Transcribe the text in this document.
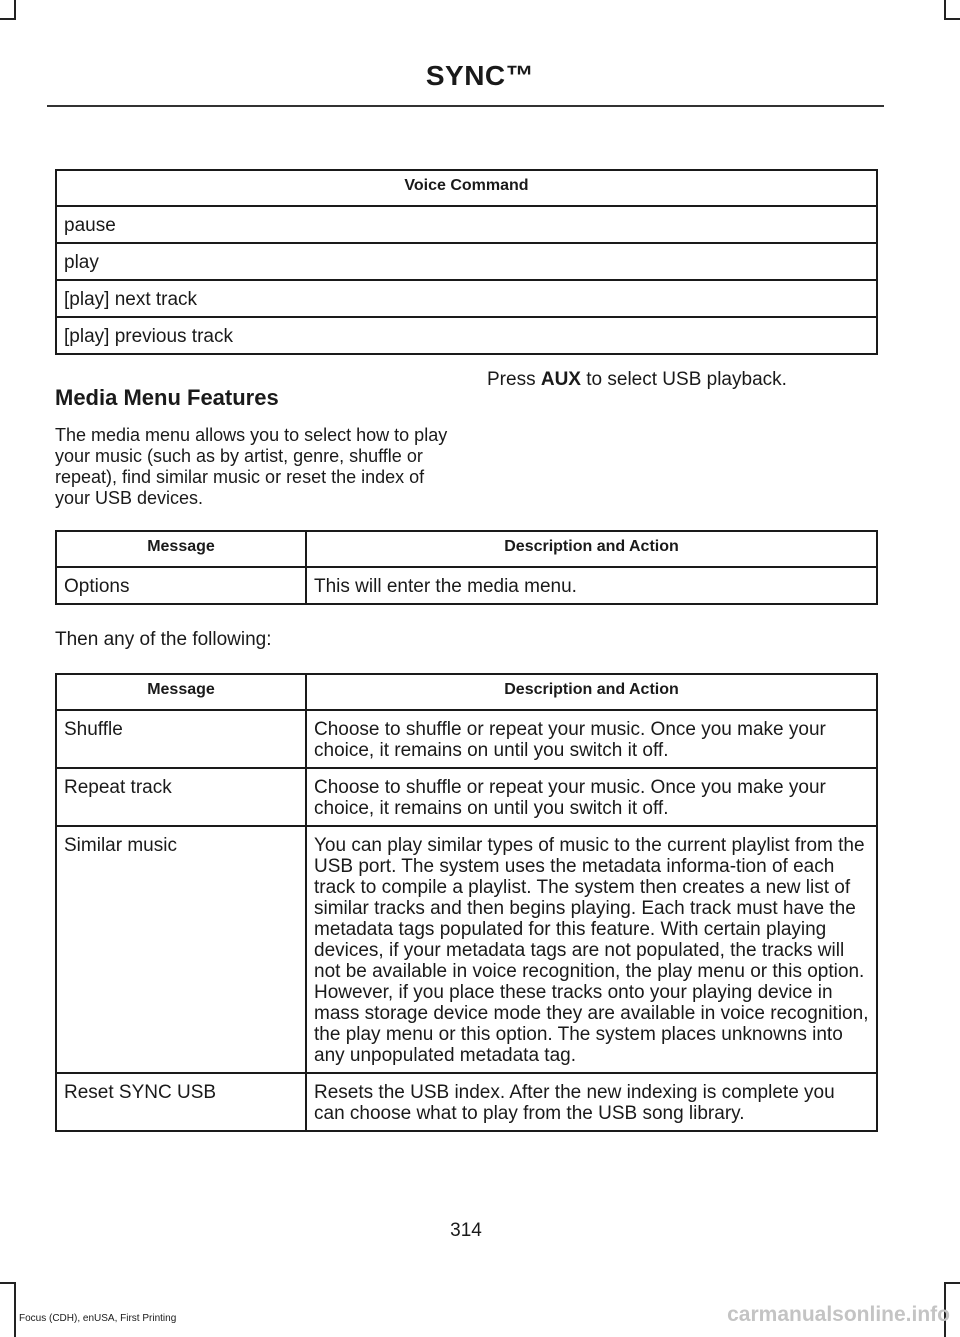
SYNC™
Voice Command
pause
play
[play] next track
[play] previous track
Media Menu Features
The media menu allows you to select how to play your music (such as by artist, genre, shuffle or repeat), find similar music or reset the index of your USB devices.
Press AUX to select USB playback.
Message	Description and Action
Options	This will enter the media menu.
Then any of the following:
Message	Description and Action
Shuffle	Choose to shuffle or repeat your music. Once you make your choice, it remains on until you switch it off.
Repeat track	Choose to shuffle or repeat your music. Once you make your choice, it remains on until you switch it off.
Similar music	You can play similar types of music to the current playlist from the USB port. The system uses the metadata informa-tion of each track to compile a playlist. The system then creates a new list of similar tracks and then begins playing. Each track must have the metadata tags populated for this feature. With certain playing devices, if your metadata tags are not populated, the tracks will not be available in voice recognition, the play menu or this option. However, if you place these tracks onto your playing device in mass storage device mode they are available in voice recognition, the play menu or this option. The system places unknowns into any unpopulated metadata tag.
Reset SYNC USB	Resets the USB index. After the new indexing is complete you can choose what to play from the USB song library.
314
Focus (CDH), enUSA, First Printing	carmanualsonline.info
